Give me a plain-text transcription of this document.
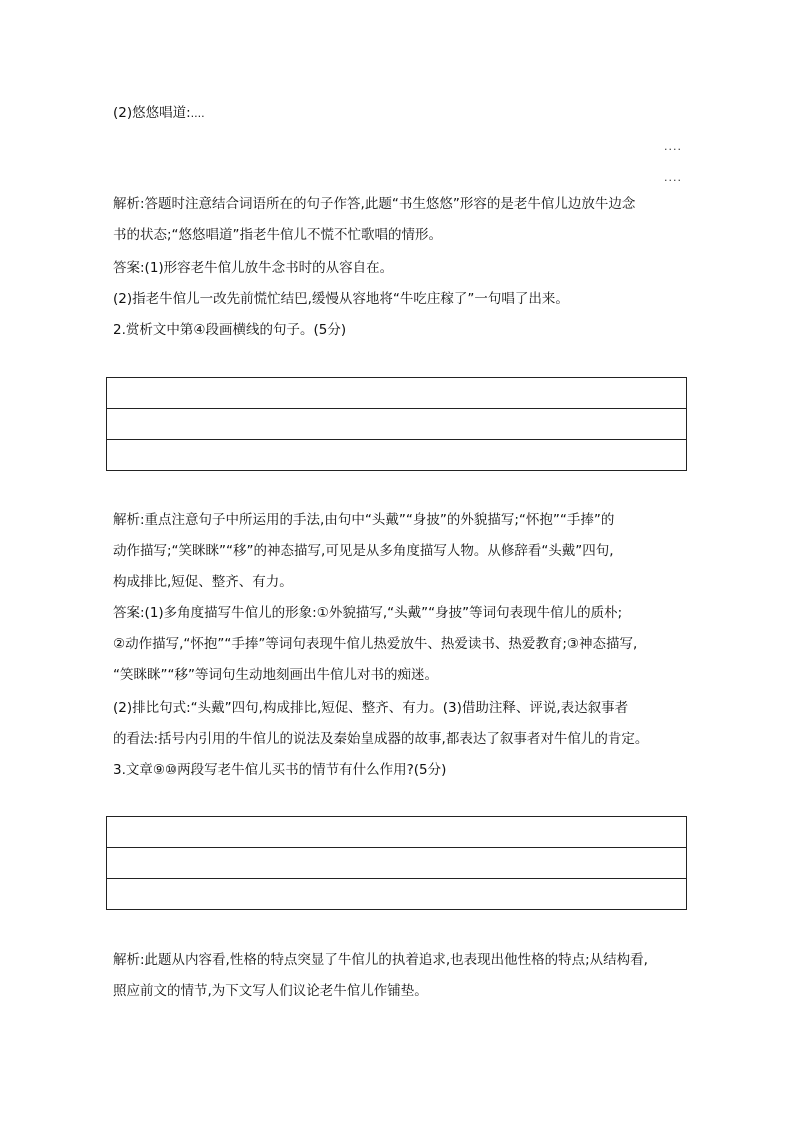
(2)悠悠唱道:....
....
....
解析:答题时注意结合词语所在的句子作答,此题“书生悠悠”形容的是老牛倌儿边放牛边念
书的状态;“悠悠唱道”指老牛倌儿不慌不忙歌唱的情形。
答案:(1)形容老牛倌儿放牛念书时的从容自在。
(2)指老牛倌儿一改先前慌忙结巴,缓慢从容地将“牛吃庄稼了”一句唱了出来。
2.赏析文中第④段画横线的句子。(5分)

解析:重点注意句子中所运用的手法,由句中“头戴”“身披”的外貌描写;“怀抱”“手捧”的
动作描写;“笑眯眯”“移”的神态描写,可见是从多角度描写人物。从修辞看“头戴”四句,
构成排比,短促、整齐、有力。
答案:(1)多角度描写牛倌儿的形象:①外貌描写,“头戴”“身披”等词句表现牛倌儿的质朴;
②动作描写,“怀抱”“手捧”等词句表现牛倌儿热爱放牛、热爱读书、热爱教育;③神态描写,
“笑眯眯”“移”等词句生动地刻画出牛倌儿对书的痴迷。
(2)排比句式:“头戴”四句,构成排比,短促、整齐、有力。(3)借助注释、评说,表达叙事者
的看法:括号内引用的牛倌儿的说法及秦始皇成器的故事,都表达了叙事者对牛倌儿的肯定。
3.文章⑨⑩两段写老牛倌儿买书的情节有什么作用?(5分)

解析:此题从内容看,性格的特点突显了牛倌儿的执着追求,也表现出他性格的特点;从结构看,
照应前文的情节,为下文写人们议论老牛倌儿作铺垫。
